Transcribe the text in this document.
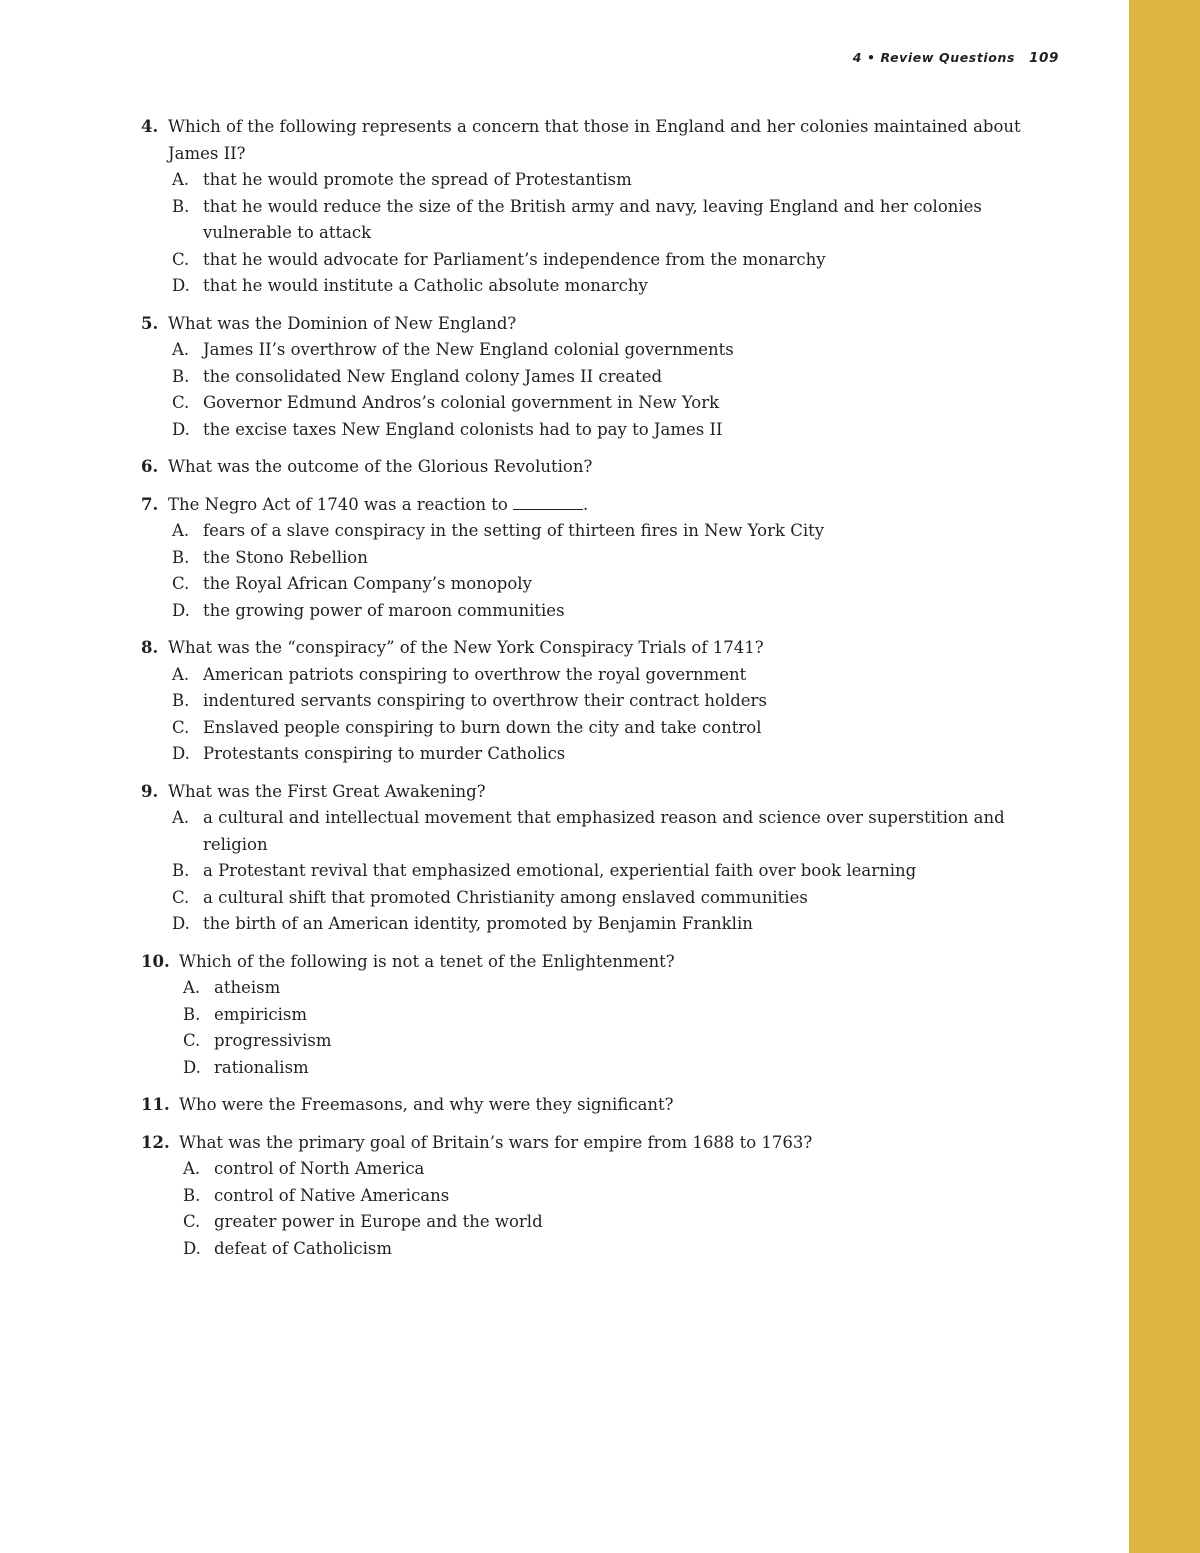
4 • Review Questions 109
4. Which of the following represents a concern that those in England and her colonies maintained about James II?
A. that he would promote the spread of Protestantism
B. that he would reduce the size of the British army and navy, leaving England and her colonies vulnerable to attack
C. that he would advocate for Parliament’s independence from the monarchy
D. that he would institute a Catholic absolute monarchy
5. What was the Dominion of New England?
A. James II’s overthrow of the New England colonial governments
B. the consolidated New England colony James II created
C. Governor Edmund Andros’s colonial government in New York
D. the excise taxes New England colonists had to pay to James II
6. What was the outcome of the Glorious Revolution?
7. The Negro Act of 1740 was a reaction to	.
A. fears of a slave conspiracy in the setting of thirteen fires in New York City
B. the Stono Rebellion
C. the Royal African Company’s monopoly
D. the growing power of maroon communities
8. What was the “conspiracy” of the New York Conspiracy Trials of 1741?
A. American patriots conspiring to overthrow the royal government
B. indentured servants conspiring to overthrow their contract holders
C. Enslaved people conspiring to burn down the city and take control
D. Protestants conspiring to murder Catholics
9. What was the First Great Awakening?
A. a cultural and intellectual movement that emphasized reason and science over superstition and religion
B. a Protestant revival that emphasized emotional, experiential faith over book learning
C. a cultural shift that promoted Christianity among enslaved communities
D. the birth of an American identity, promoted by Benjamin Franklin
10. Which of the following is not a tenet of the Enlightenment?
A. atheism
B. empiricism
C. progressivism
D. rationalism
11. Who were the Freemasons, and why were they significant?
12. What was the primary goal of Britain’s wars for empire from 1688 to 1763?
A. control of North America
B. control of Native Americans
C. greater power in Europe and the world
D. defeat of Catholicism
